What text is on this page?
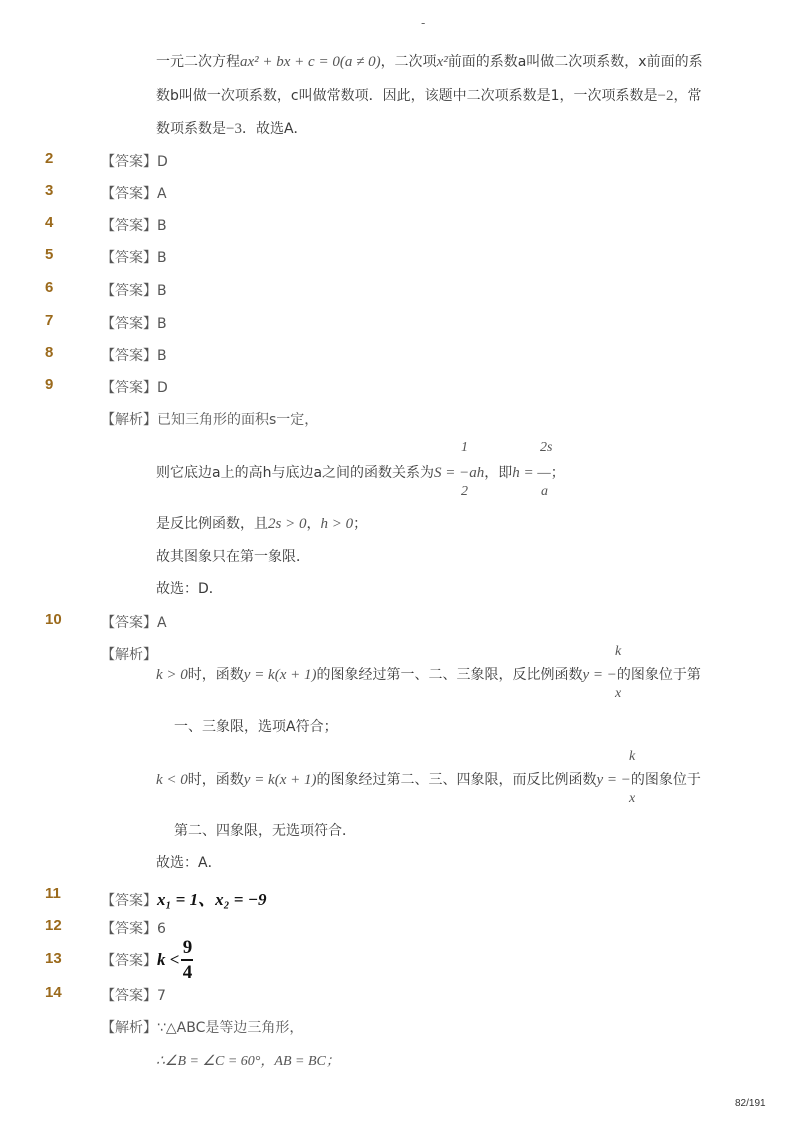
-
一元二次方程ax² + bx + c = 0(a ≠ 0)，二次项x²前面的系数a叫做二次项系数，x前面的系
数b叫做一次项系数，c叫做常数项．因此，该题中二次项系数是1，一次项系数是−2，常
数项系数是−3．故选A．
2	【答案】D
3	【答案】A
4	【答案】B
5	【答案】B
6	【答案】B
7	【答案】B
8	【答案】B
9	【答案】D
【解析】已知三角形的面积s一定，
1	2s
则它底边a上的高h与底边a之间的函数关系为S = −ah，即h = —；
2	a
是反比例函数，且2s > 0，h > 0；
故其图象只在第一象限．
故选：D．
10	【答案】A
【解析】	k
k > 0时，函数y = k(x + 1)的图象经过第一、二、三象限，反比例函数y = −的图象位于第
x
一、三象限，选项A符合；
k
k < 0时，函数y = k(x + 1)的图象经过第二、三、四象限，而反比例函数y = −的图象位于
x
第二、四象限，无选项符合．
故选：A．
11	【答案】x₁ = 1、x₂ = −9
12	【答案】6
13	【答案】 k <
9
4
14	【答案】7
【解析】∵△ABC是等边三角形，
∴∠B = ∠C = 60°，AB = BC；
82/191
